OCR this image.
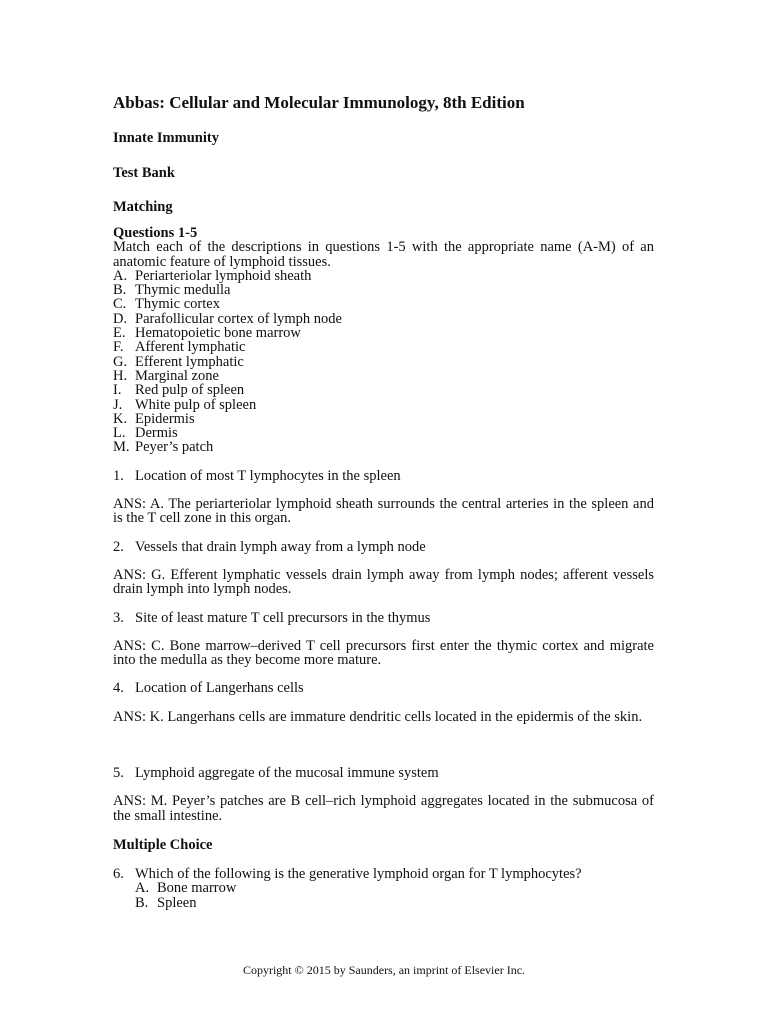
Abbas: Cellular and Molecular Immunology, 8th Edition

Innate Immunity

Test Bank

Matching

Questions 1-5

Match each of the descriptions in questions 1-5 with the appropriate name (A-M) of an anatomic feature of lymphoid tissues.

A. Periarteriolar lymphoid sheath
B. Thymic medulla
C. Thymic cortex
D. Parafollicular cortex of lymph node
E. Hematopoietic bone marrow
F. Afferent lymphatic
G. Efferent lymphatic
H. Marginal zone
I. Red pulp of spleen
J. White pulp of spleen
K. Epidermis
L. Dermis
M. Peyer’s patch

1. Location of most T lymphocytes in the spleen

ANS: A. The periarteriolar lymphoid sheath surrounds the central arteries in the spleen and is the T cell zone in this organ.

2. Vessels that drain lymph away from a lymph node

ANS: G. Efferent lymphatic vessels drain lymph away from lymph nodes; afferent vessels drain lymph into lymph nodes.

3. Site of least mature T cell precursors in the thymus

ANS: C. Bone marrow–derived T cell precursors first enter the thymic cortex and migrate into the medulla as they become more mature.

4. Location of Langerhans cells

ANS: K. Langerhans cells are immature dendritic cells located in the epidermis of the skin.

5. Lymphoid aggregate of the mucosal immune system

ANS: M. Peyer’s patches are B cell–rich lymphoid aggregates located in the submucosa of the small intestine.

Multiple Choice

6. Which of the following is the generative lymphoid organ for T lymphocytes?

A. Bone marrow
B. Spleen
Copyright © 2015 by Saunders, an imprint of Elsevier Inc.
